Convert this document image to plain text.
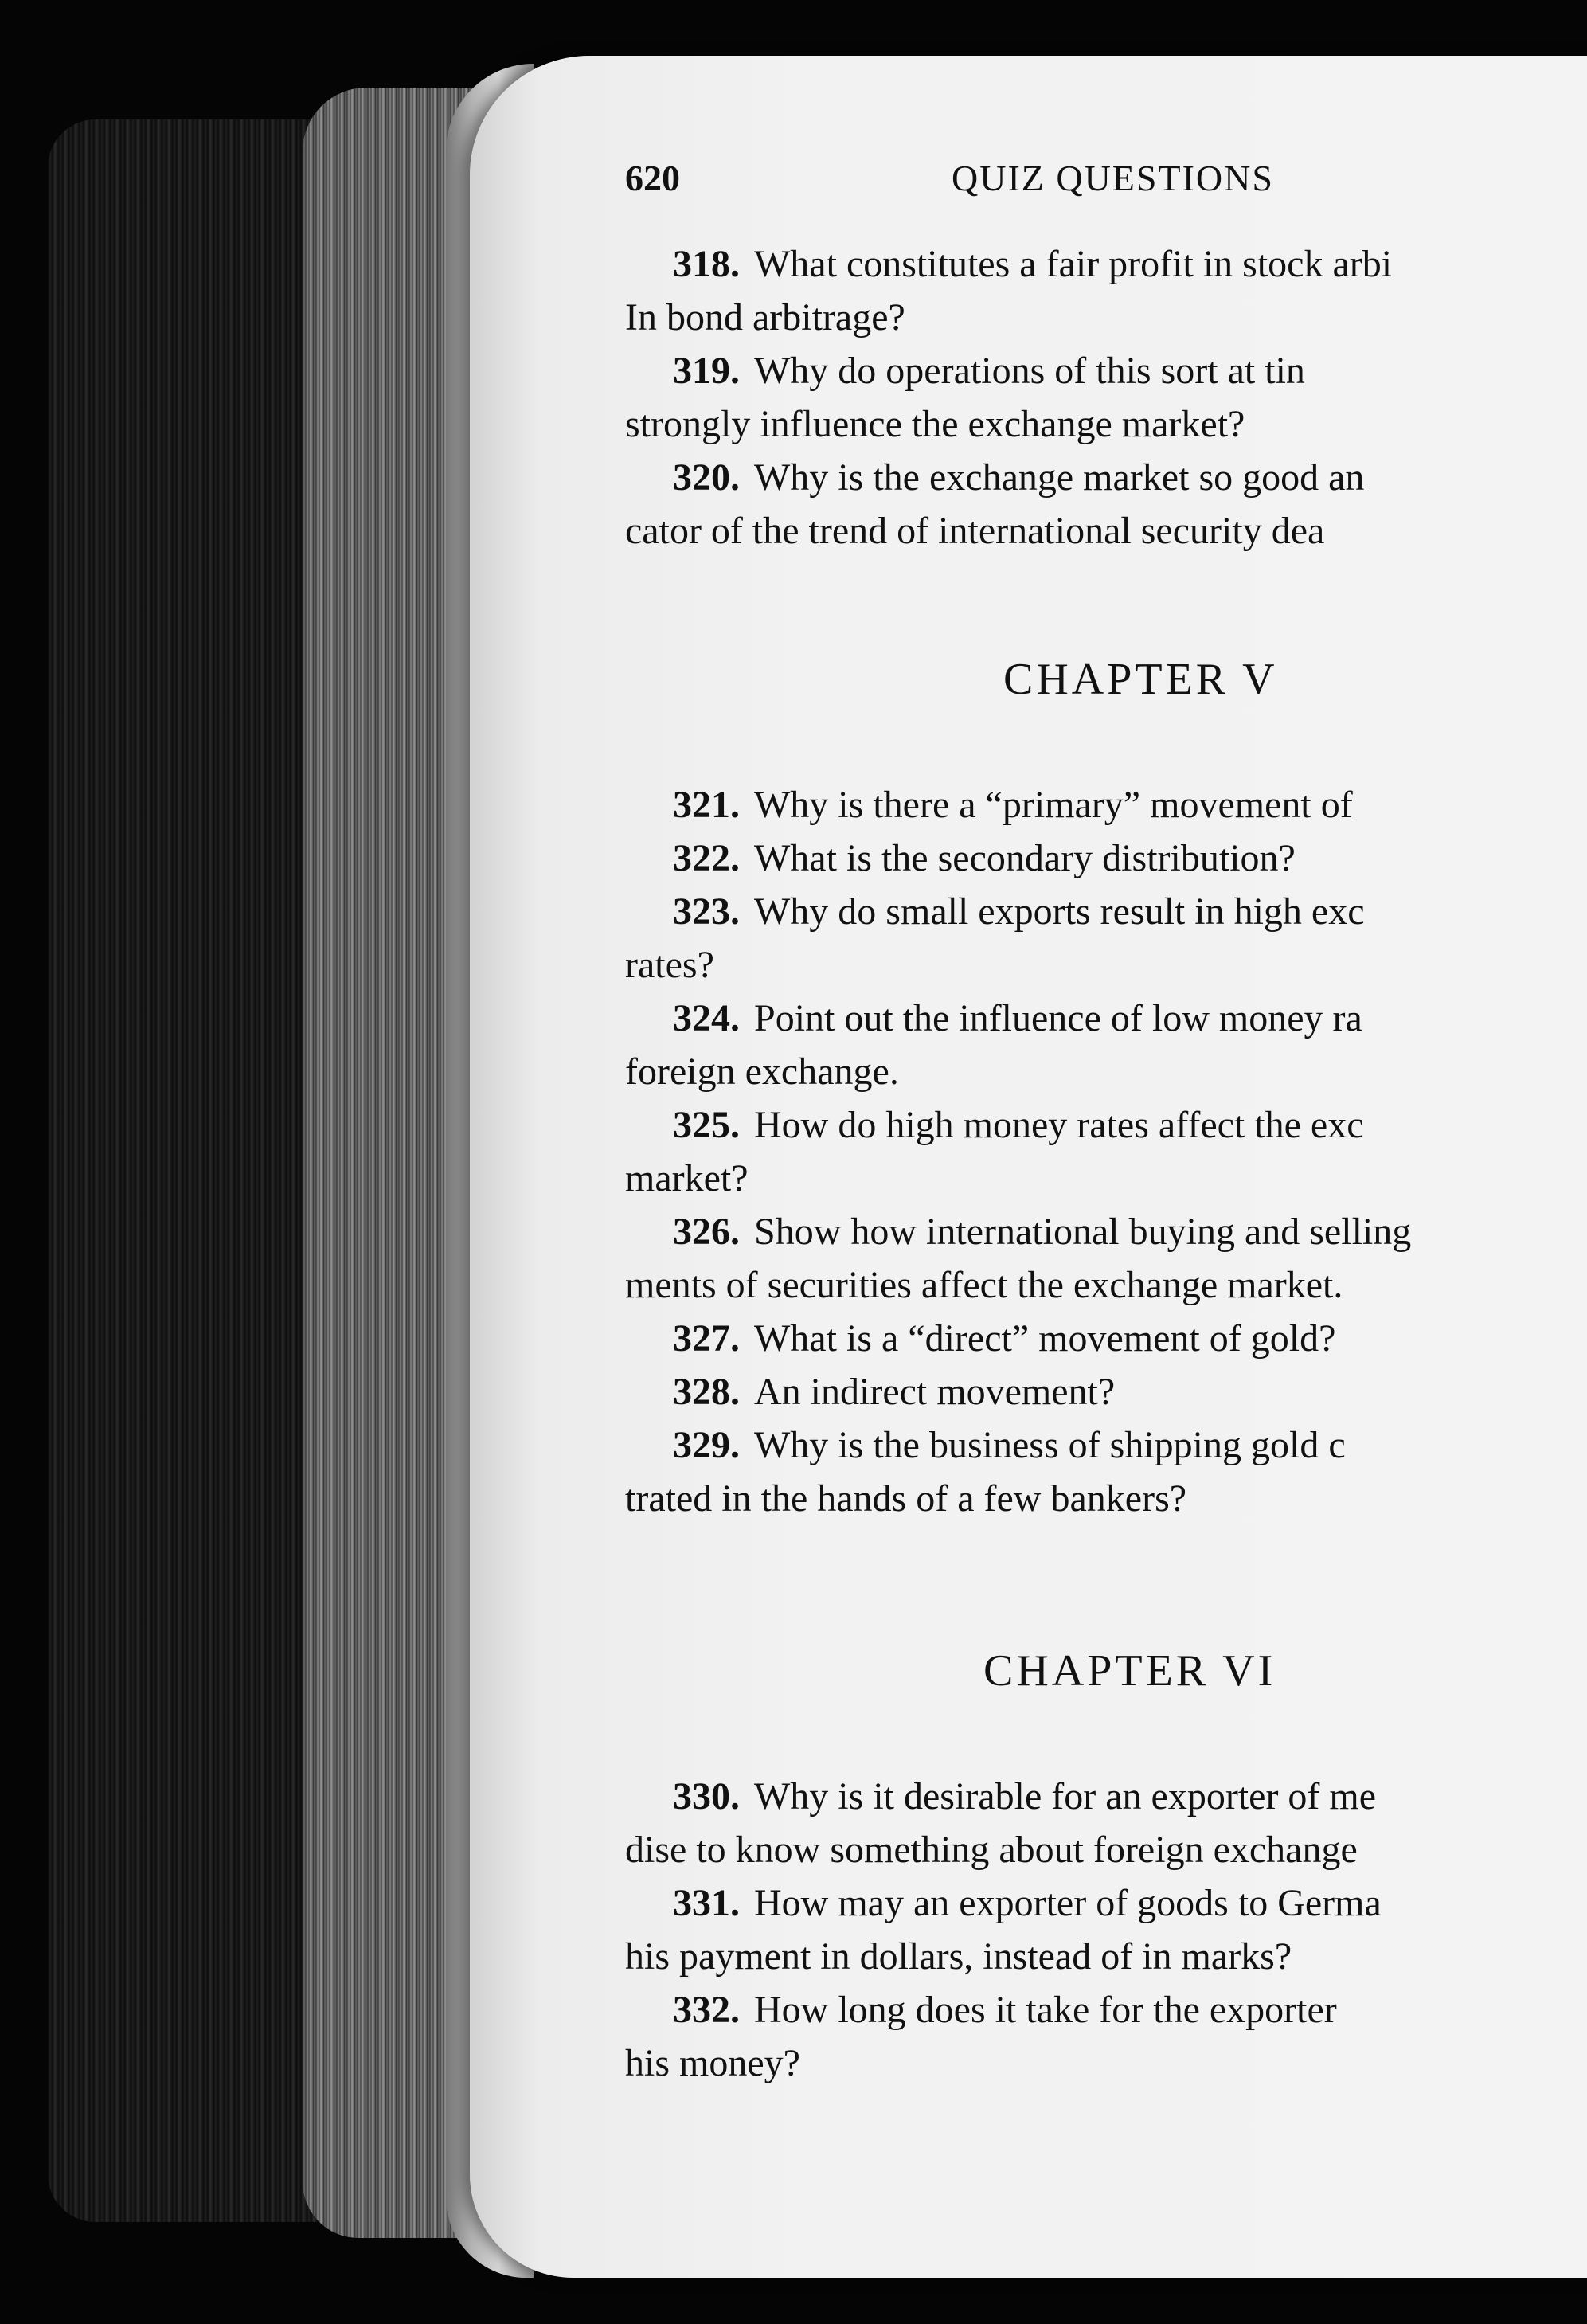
620	QUIZ QUESTIONS

318. What constitutes a fair profit in stock arbi
In bond arbitrage?

319. Why do operations of this sort at tin
strongly influence the exchange market?

320. Why is the exchange market so good an
cator of the trend of international security dea

CHAPTER V

321. Why is there a “primary” movement of

322. What is the secondary distribution?

323. Why do small exports result in high exc
rates?

324. Point out the influence of low money ra
foreign exchange.

325. How do high money rates affect the exc
market?

326. Show how international buying and selling
ments of securities affect the exchange market.

327. What is a “direct” movement of gold?

328. An indirect movement?

329. Why is the business of shipping gold c
trated in the hands of a few bankers?

CHAPTER VI

330. Why is it desirable for an exporter of me
dise to know something about foreign exchange

331. How may an exporter of goods to Germa
his payment in dollars, instead of in marks?

332. How long does it take for the exporter
his money?
